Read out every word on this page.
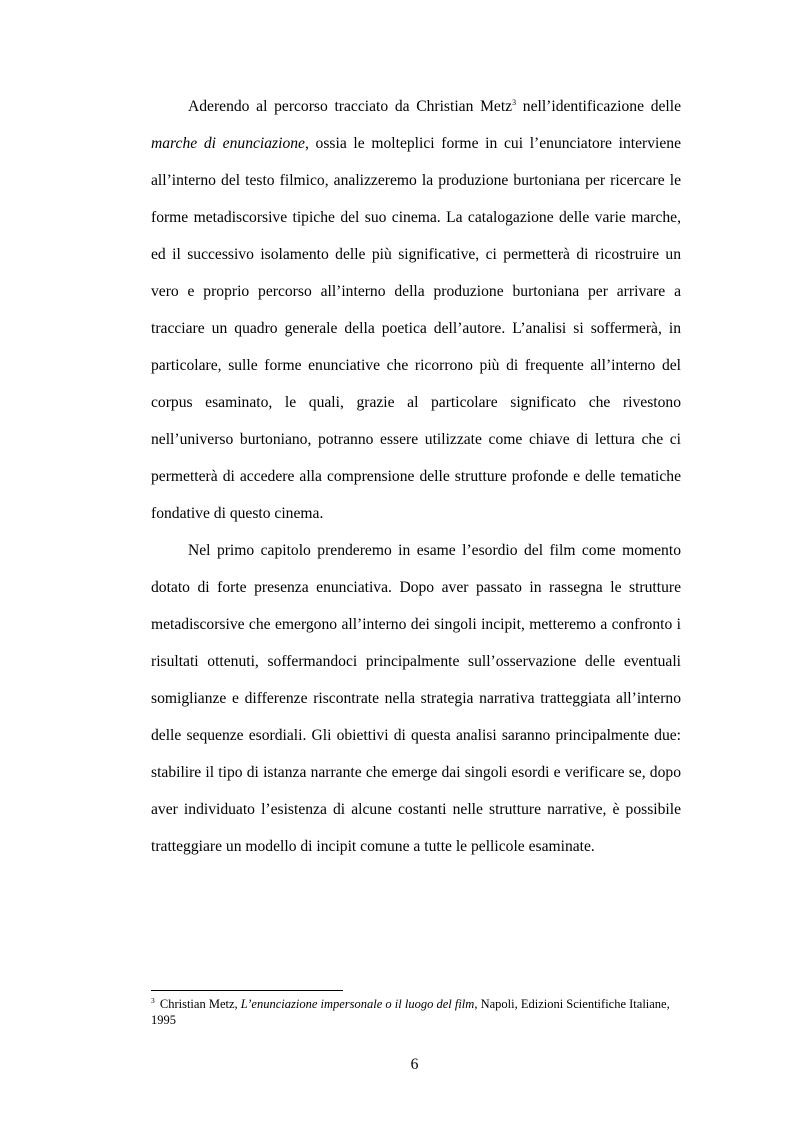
Aderendo al percorso tracciato da Christian Metz$^3$ nell’identificazione delle marche di enunciazione, ossia le molteplici forme in cui l’enunciatore interviene all’interno del testo filmico, analizzeremo la produzione burtoniana per ricercare le forme metadiscorsive tipiche del suo cinema. La catalogazione delle varie marche, ed il successivo isolamento delle più significative, ci permetterà di ricostruire un vero e proprio percorso all’interno della produzione burtoniana per arrivare a tracciare un quadro generale della poetica dell’autore. L’analisi si soffermerà, in particolare, sulle forme enunciative che ricorrono più di frequente all’interno del corpus esaminato, le quali, grazie al particolare significato che rivestono nell’universo burtoniano, potranno essere utilizzate come chiave di lettura che ci permetterà di accedere alla comprensione delle strutture profonde e delle tematiche fondative di questo cinema.

Nel primo capitolo prenderemo in esame l’esordio del film come momento dotato di forte presenza enunciativa. Dopo aver passato in rassegna le strutture metadiscorsive che emergono all’interno dei singoli incipit, metteremo a confronto i risultati ottenuti, soffermandoci principalmente sull’osservazione delle eventuali somiglianze e differenze riscontrate nella strategia narrativa tratteggiata all’interno delle sequenze esordiali. Gli obiettivi di questa analisi saranno principalmente due: stabilire il tipo di istanza narrante che emerge dai singoli esordi e verificare se, dopo aver individuato l’esistenza di alcune costanti nelle strutture narrative, è possibile tratteggiare un modello di incipit comune a tutte le pellicole esaminate.

$^3$ Christian Metz, L’enunciazione impersonale o il luogo del film, Napoli, Edizioni Scientifiche Italiane, 1995

6
